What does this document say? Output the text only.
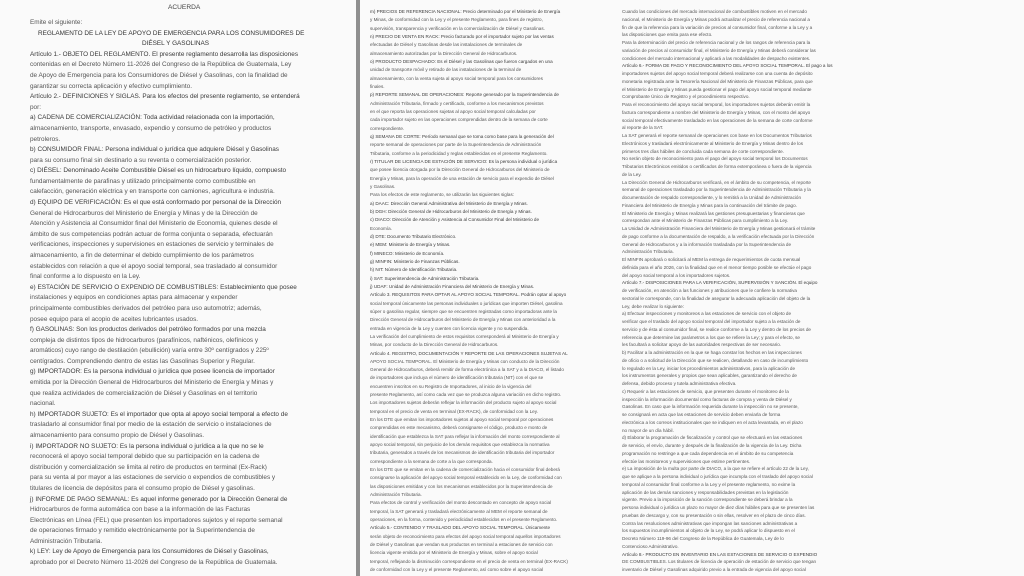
ACUERDA
Emite el siguiente:
REGLAMENTO DE LA LEY DE APOYO DE EMERGENCIA PARA LOS CONSUMIDORES DE
DIÉSEL Y GASOLINAS
Artículo 1.- OBJETO DEL REGLAMENTO. El presente reglamento desarrolla las disposiciones
contenidas en el Decreto Número 11-2026 del Congreso de la República de Guatemala, Ley
de Apoyo de Emergencia para los Consumidores de Diésel y Gasolinas, con la finalidad de
garantizar su correcta aplicación y efectivo cumplimiento.
Artículo 2.- DEFINICIONES Y SIGLAS. Para los efectos del presente reglamento, se entenderá
por:
a) CADENA DE COMERCIALIZACIÓN: Toda actividad relacionada con la importación,
almacenamiento, transporte, envasado, expendio y consumo de petróleo y productos
petroleros.
b) CONSUMIDOR FINAL: Persona individual o jurídica que adquiere Diésel y Gasolinas
para su consumo final sin destinarlo a su reventa o comercialización posterior.
c) DIÉSEL: Denominado Aceite Combustible Diésel es un hidrocarburo líquido, compuesto
fundamentalmente de parafinas y utilizado principalmente como combustible en
calefacción, generación eléctrica y en transporte con camiones, agricultura e industria.
d) EQUIPO DE VERIFICACIÓN: Es el que está conformado por personal de la Dirección
General de Hidrocarburos del Ministerio de Energía y Minas y de la Dirección de
Atención y Asistencia al Consumidor final del Ministerio de Economía, quienes desde el
ámbito de sus competencias podrán actuar de forma conjunta o separada, efectuarán
verificaciones, inspecciones y supervisiones en estaciones de servicio y terminales de
almacenamiento, a fin de determinar el debido cumplimiento de los parámetros
establecidos con relación a que el apoyo social temporal, sea trasladado al consumidor
final conforme a lo dispuesto en la Ley.
e) ESTACIÓN DE SERVICIO O EXPENDIO DE COMBUSTIBLES: Establecimiento que posee
instalaciones y equipos en condiciones aptas para almacenar y expender
principalmente combustibles derivados del petróleo para uso automotriz; además,
posee equipo para el acopio de aceites lubricantes usados.
f) GASOLINAS: Son los productos derivados del petróleo formados por una mezcla
compleja de distintos tipos de hidrocarburos (parafínicos, nafténicos, olefínicos y
aromáticos) cuyo rango de destilación (ebullición) varía entre 30º centígrados y 225º
centígrados. Comprendiendo dentro de estas las Gasolinas Superior y Regular.
g) IMPORTADOR: Es la persona individual o jurídica que posee licencia de importador
emitida por la Dirección General de Hidrocarburos del Ministerio de Energía y Minas y
que realiza actividades de comercialización de Diésel y Gasolinas en el territorio
nacional.
h) IMPORTADOR SUJETO: Es el importador que opta al apoyo social temporal a efecto de
trasladarlo al consumidor final por medio de la estación de servicio o instalaciones de
almacenamiento para consumo propio de Diésel y Gasolinas.
i) IMPORTADOR NO SUJETO: Es la persona individual o jurídica a la que no se le
reconocerá el apoyo social temporal debido que su participación en la cadena de
distribución y comercialización se limita al retiro de productos en terminal (Ex-Rack)
para su venta al por mayor a las estaciones de servicio o expendios de combustibles y
titulares de licencia de depósitos para el consumo propio de Diésel y gasolinas.
j) INFORME DE PAGO SEMANAL: Es aquel informe generado por la Dirección General de
Hidrocarburos de forma automática con base a la información de las Facturas
Electrónicas en Línea (FEL) que presenten los importadores sujetos y el reporte semanal
de operaciones firmado y remitido electrónicamente por la Superintendencia de
Administración Tributaria.
k) LEY: Ley de Apoyo de Emergencia para los Consumidores de Diésel y Gasolinas,
aprobado por el Decreto Número 11-2026 del Congreso de la República de Guatemala.
m) PRECIOS DE REFERENCIA NACIONAL: Precio determinado por el Ministerio de Energía
y Minas, de conformidad con la Ley y el presente Reglamento, para fines de registro,
supervisión, transparencia y verificación en la comercialización de Diésel y Gasolinas.
n) PRECIO DE VENTA EN RACK: Precio facturado por el importador sujeto por las ventas
efectuadas de Diésel y Gasolinas desde las instalaciones de terminales de
almacenamiento autorizadas por la Dirección General de Hidrocarburos.
o) PRODUCTO DESPACHADO: Es el Diésel y las Gasolinas que fueron cargados en una
unidad de transporte móvil y retirado de las instalaciones de la terminal de
almacenamiento, con la venta sujeta al apoyo social temporal para los consumidores
finales.
p) REPORTE SEMANAL DE OPERACIONES: Reporte generado por la Superintendencia de
Administración Tributaria, firmado y certificado, conforme a los mecanismos previstos
en el que reporta las operaciones sujetas al apoyo social temporal calculadas por
cada importador sujeto en las operaciones comprendidas dentro de la semana de corte
correspondiente.
q) SEMANA DE CORTE: Período semanal que se toma como base para la generación del
reporte semanal de operaciones por parte de la Superintendencia de Administración
Tributaria, conforme a la periodicidad y reglas establecidas en el presente Reglamento.
r) TITULAR DE LICENCIA DE ESTACIÓN DE SERVICIO: Es la persona individual o jurídica
que posee licencia otorgada por la Dirección General de Hidrocarburos del Ministerio de
Energía y Minas, para la operación de una estación de servicio para el expendio de Diésel
y Gasolinas.
Para los efectos de este reglamento, se utilizarán las siguientes siglas:
a) DAAC: Dirección General Administrativa del Ministerio de Energía y Minas.
b) DGH: Dirección General de Hidrocarburos del Ministerio de Energía y Minas.
c) DIACO: Dirección de Atención y Asistencia al Consumidor Final del Ministerio de
Economía.
d) DTE: Documento Tributario Electrónico.
e) MEM: Ministerio de Energía y Minas.
f) MINECO: Ministerio de Economía.
g) MINFIN: Ministerio de Finanzas Públicas.
h) NIT: Número de Identificación Tributaria.
i) SAT: Superintendencia de Administración Tributaria.
j) UDAF: Unidad de Administración Financiera del Ministerio de Energía y Minas.
Artículo 3. REQUISITOS PARA OPTAR AL APOYO SOCIAL TEMPORAL. Podrán optar al apoyo
social temporal únicamente las personas individuales o jurídicas que importen Diésel, gasolina
súper o gasolina regular, siempre que se encuentren registradas como importadoras ante la
Dirección General de Hidrocarburos del Ministerio de Energía y Minas con anterioridad a la
entrada en vigencia de la Ley y cuenten con licencia vigente y no suspendida.
La verificación del cumplimiento de estos requisitos corresponderá al Ministerio de Energía y
Minas, por conducto de la Dirección General de Hidrocarburos.
Artículo 4. REGISTRO, DOCUMENTACIÓN Y REPORTE DE LAS OPERACIONES SUJETAS AL
APOYO SOCIAL TEMPORAL. El Ministerio de Energía y Minas con conducto de la Dirección
General de Hidrocarburos, deberá remitir de forma electrónica a la SAT y a la DIACO, el listado
de importadores que incluya el número de identificación tributaria (NIT) con el que se
encuentren inscritos en su Registro de Importadores, al inicio de la vigencia del
presente Reglamento, así como cada vez que se produzca alguna variación en dicho registro.
Los importadores sujetos deberán reflejar la información del producto sujeto al apoyo social
temporal en el precio de venta en terminal (EX-RACK), de conformidad con la Ley.
En los DTE que emitan los importadores sujetos al apoyo social temporal por operaciones
comprendidas en este mecanismo, deberá consignarse el código, producto e monto de
identificación que establezca la SAT para reflejar la información del monto correspondiente al
apoyo social temporal, sin perjuicio de los demás requisitos que establezca la normativa
tributaria, generados a través de los mecanismos de identificación tributaria del importador
correspondiente a la semana de corte a la que corresponda.
En los DTE que se emitan en la cadena de comercialización hacia el consumidor final deberá
consignarse la aplicación del apoyo social temporal establecido en la Ley, de conformidad con
las disposiciones emitidas y con los mecanismos establecidos por la Superintendencia de
Administración Tributaria.
Para efectos de control y verificación del monto descontado en concepto de apoyo social
temporal, la SAT generará y trasladará electrónicamente al MEM el reporte semanal de
operaciones, en la forma, contenido y periodicidad establecidos en el presente Reglamento.
Artículo 5.- CONTENIDO Y TRASLADO DEL APOYO SOCIAL TEMPORAL. Únicamente
serán objeto de reconocimiento para efectos del apoyo social temporal aquellos importadores
de Diésel y Gasolinas que vendan sus productos en terminal a estaciones de servicio con
licencia vigente emitida por el Ministerio de Energía y Minas, sobre el apoyo social
temporal, reflejando la disminución correspondiente en el precio de venta en terminal (EX-RACK)
de conformidad con la Ley y el presente Reglamento, así como sobre el apoyo social
Cuando las condiciones del mercado internacional de combustibles motiven en el mercado
nacional, el Ministerio de Energía y Minas podrá actualizar el precio de referencia nacional a
fin de que la referencia para la variación de precios al consumidor final, conforme a la Ley y a
las disposiciones que emita para ese efecto.
Para la determinación del precio de referencia nacional y de los rangos de referencia para la
variación de precios al consumidor final, el Ministerio de Energía y Minas deberá considerar las
condiciones del mercado internacional y aplicará a las modalidades de despacho existentes.
Artículo 6.- FORMA DE PAGO Y RECONOCIMIENTO DEL APOYO SOCIAL TEMPORAL. El pago a los
importadores sujetos del apoyo social temporal deberá realizarse con una cuenta de depósito
monetaria registrada ante la Tesorería Nacional del Ministerio de Finanzas Públicas, para que
el Ministerio de Energía y Minas pueda gestionar el pago del apoyo social temporal mediante
Comprobante Único de Registro y el procedimiento respectivo.
Para el reconocimiento del apoyo social temporal, los importadores sujetos deberán emitir la
factura correspondiente a nombre del Ministerio de Energía y Minas, con el monto del apoyo
social temporal efectivamente trasladado en las operaciones de la semana de corte conforme
al reporte de la SAT.
La SAT generará el reporte semanal de operaciones con base en los Documentos Tributarios
Electrónicos y trasladará electrónicamente al Ministerio de Energía y Minas dentro de los
primeros tres días hábiles de concluida cada semana de corte correspondiente.
No serán objeto de reconocimiento para el pago del apoyo social temporal los Documentos
Tributarios Electrónicos emitidos o certificados de forma extemporánea o fuera de la vigencia
de la Ley.
La Dirección General de Hidrocarburos verificará, en el ámbito de su competencia, el reporte
semanal de operaciones trasladado por la Superintendencia de Administración Tributaria y la
documentación de respaldo correspondiente, y lo remitirá a la Unidad de Administración
Financiera del Ministerio de Energía y Minas para la continuación del trámite de pago.
El Ministerio de Energía y Minas realizará las gestiones presupuestarias y financieras que
correspondan ante el Ministerio de Finanzas Públicas para cumplimiento a la Ley.
La Unidad de Administración Financiera del Ministerio de Energía y Minas gestionará el trámite
de pago conforme a la documentación de respaldo, a la verificación efectuada por la Dirección
General de Hidrocarburos y a la información trasladada por la Superintendencia de
Administración Tributaria.
El MINFIN aprobará o solicitará al MEM la entrega de requerimientos de cuota mensual
definida para el año 2026, con la finalidad que en el menor tiempo posible se efectúe el pago
del apoyo social temporal a los importadores sujetos.
Artículo 7.- DISPOSICIONES PARA LA VERIFICACIÓN, SUPERVISIÓN Y SANCIÓN. El equipo
de verificación, en atención a las funciones y atribuciones que le confiere la normativa
sectorial le corresponde, con la finalidad de asegurar la adecuada aplicación del objeto de la
Ley, debe realizar lo siguiente:
a) Efectuar inspecciones y monitoreos a las estaciones de servicio con el objeto de
verificar que el traslado del apoyo social temporal del importador sujeto a la estación de
servicio y de ésta al consumidor final, se realice conforme a la Ley y dentro de los precios de
referencia que determine las parámetros a los que se refiere la Ley; y para el efecto, se
les facultará a solicitar apoyo de las autoridades respectivas de ser necesario.
b) Facilitar a la administración en la que se haga constar los hechos en las inspecciones
de oficio o a solicitud de la Dirección que se realicen, detallando en caso de incumplimiento
lo regulado en la Ley, iniciar los procedimientos administrativos, para la aplicación de
los instrumentos generales y propios que sean aplicables, garantizando el derecho de
defensa, debido proceso y tutela administrativa efectiva.
c) Requerir a las estaciones de servicio, que presenten durante el monitoreo de la
inspección la información documental como facturas de compra y venta de Diésel y
Gasolinas. En caso que la información requerida durante la inspección no se presente,
se consignará en acta que las estaciones de servicio deben enviarla de forma
electrónica a los correos institucionales que se indiquen en el acta levantada, en el plazo
no mayor de un día hábil.
d) Elaborar la programación de fiscalización y control que se efectuará en las estaciones
de servicio, el envío, durante y después de la finalización de la vigencia de la Ley. Dicha
programación no restringe a que cada dependencia en el ámbito de su competencia
efectúe las monitoreos y supervisiones que estime pertinentes.
e) La imposición de la multa por parte de DIACO, a la que se refiere el artículo 22 de la Ley,
que se aplique a la persona individual o jurídica que incumpla con el traslado del apoyo social
temporal al consumidor final conforme a la Ley y el presente reglamento, no exime la
aplicación de las demás sanciones y responsabilidades previstas en la legislación
vigente. Previo a la imposición de la sanción correspondiente se deberá brindar a la
persona individual o jurídica un plazo no mayor de diez días hábiles para que se presenten las
pruebas de descargo y, con su presentación o sin ellas, resolver en el plazo de cinco días.
Contra las resoluciones administrativas que impongan las sanciones administrativas a
los supuestos incumplimientos al objeto de la Ley, se podrá aplicar lo dispuesto en el
Decreto Número 119-96 del Congreso de la República de Guatemala, Ley de lo
Contencioso Administrativo.
Artículo 8.- PRODUCTO EN INVENTARIO EN LAS ESTACIONES DE SERVICIO O EXPENDIO
DE COMBUSTIBLES. Los titulares de licencia de operación de estación de servicio que tengan
inventario de Diésel y Gasolinas adquirido previo a la entrada de vigencia del apoyo social
